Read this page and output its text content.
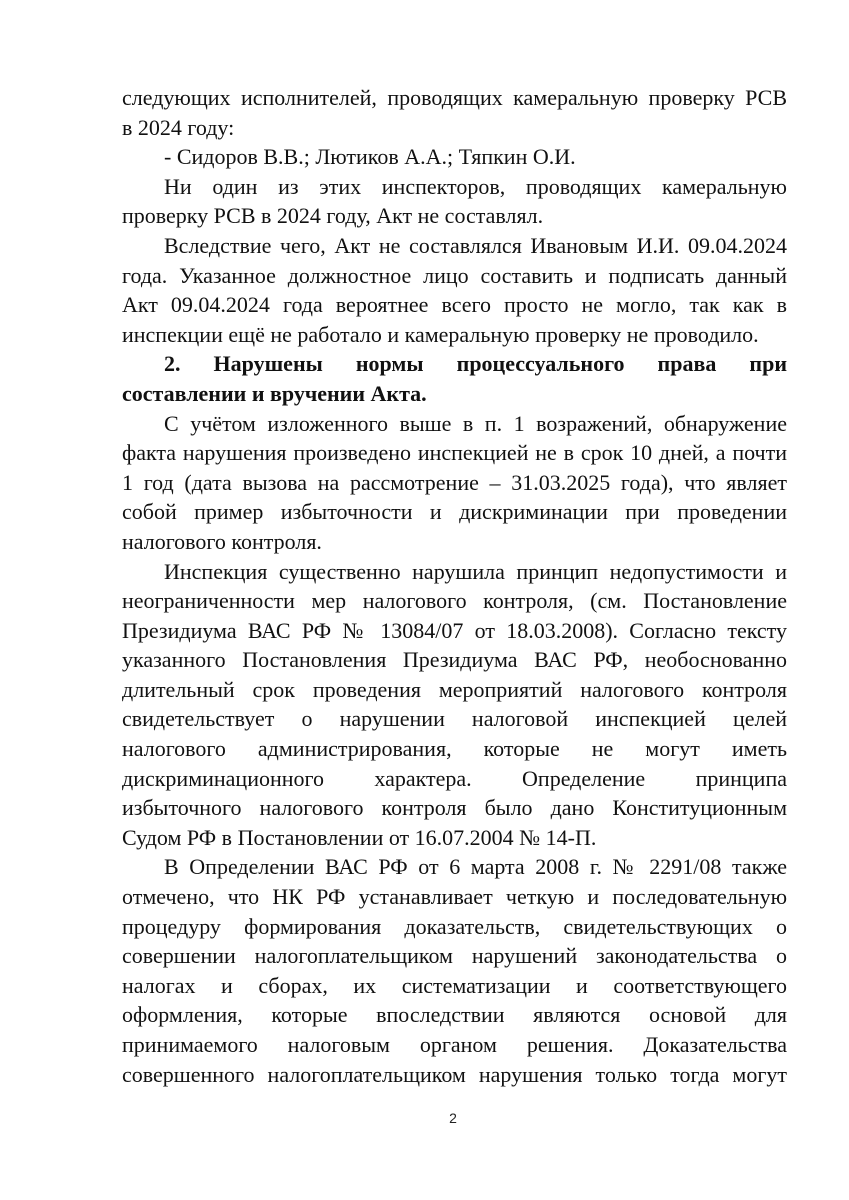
следующих исполнителей, проводящих камеральную проверку РСВ
в 2024 году:
- Сидоров В.В.; Лютиков А.А.; Тяпкин О.И.
Ни один из этих инспекторов, проводящих камеральную
проверку РСВ в 2024 году, Акт не составлял.
Вследствие чего, Акт не составлялся Ивановым И.И. 09.04.2024
года. Указанное должностное лицо составить и подписать данный
Акт 09.04.2024 года вероятнее всего просто не могло, так как в
инспекции ещё не работало и камеральную проверку не проводило.
2. Нарушены нормы процессуального права при
составлении и вручении Акта.
С учётом изложенного выше в п. 1 возражений, обнаружение
факта нарушения произведено инспекцией не в срок 10 дней, а почти
1 год (дата вызова на рассмотрение – 31.03.2025 года), что являет
собой пример избыточности и дискриминации при проведении
налогового контроля.
Инспекция существенно нарушила принцип недопустимости и
неограниченности мер налогового контроля, (см. Постановление
Президиума ВАС РФ № 13084/07 от 18.03.2008). Согласно тексту
указанного Постановления Президиума ВАС РФ, необоснованно
длительный срок проведения мероприятий налогового контроля
свидетельствует о нарушении налоговой инспекцией целей
налогового администрирования, которые не могут иметь
дискриминационного характера. Определение принципа
избыточного налогового контроля было дано Конституционным
Судом РФ в Постановлении от 16.07.2004 № 14-П.
В Определении ВАС РФ от 6 марта 2008 г. № 2291/08 также
отмечено, что НК РФ устанавливает четкую и последовательную
процедуру формирования доказательств, свидетельствующих о
совершении налогоплательщиком нарушений законодательства о
налогах и сборах, их систематизации и соответствующего
оформления, которые впоследствии являются основой для
принимаемого налоговым органом решения. Доказательства
совершенного налогоплательщиком нарушения только тогда могут
2
